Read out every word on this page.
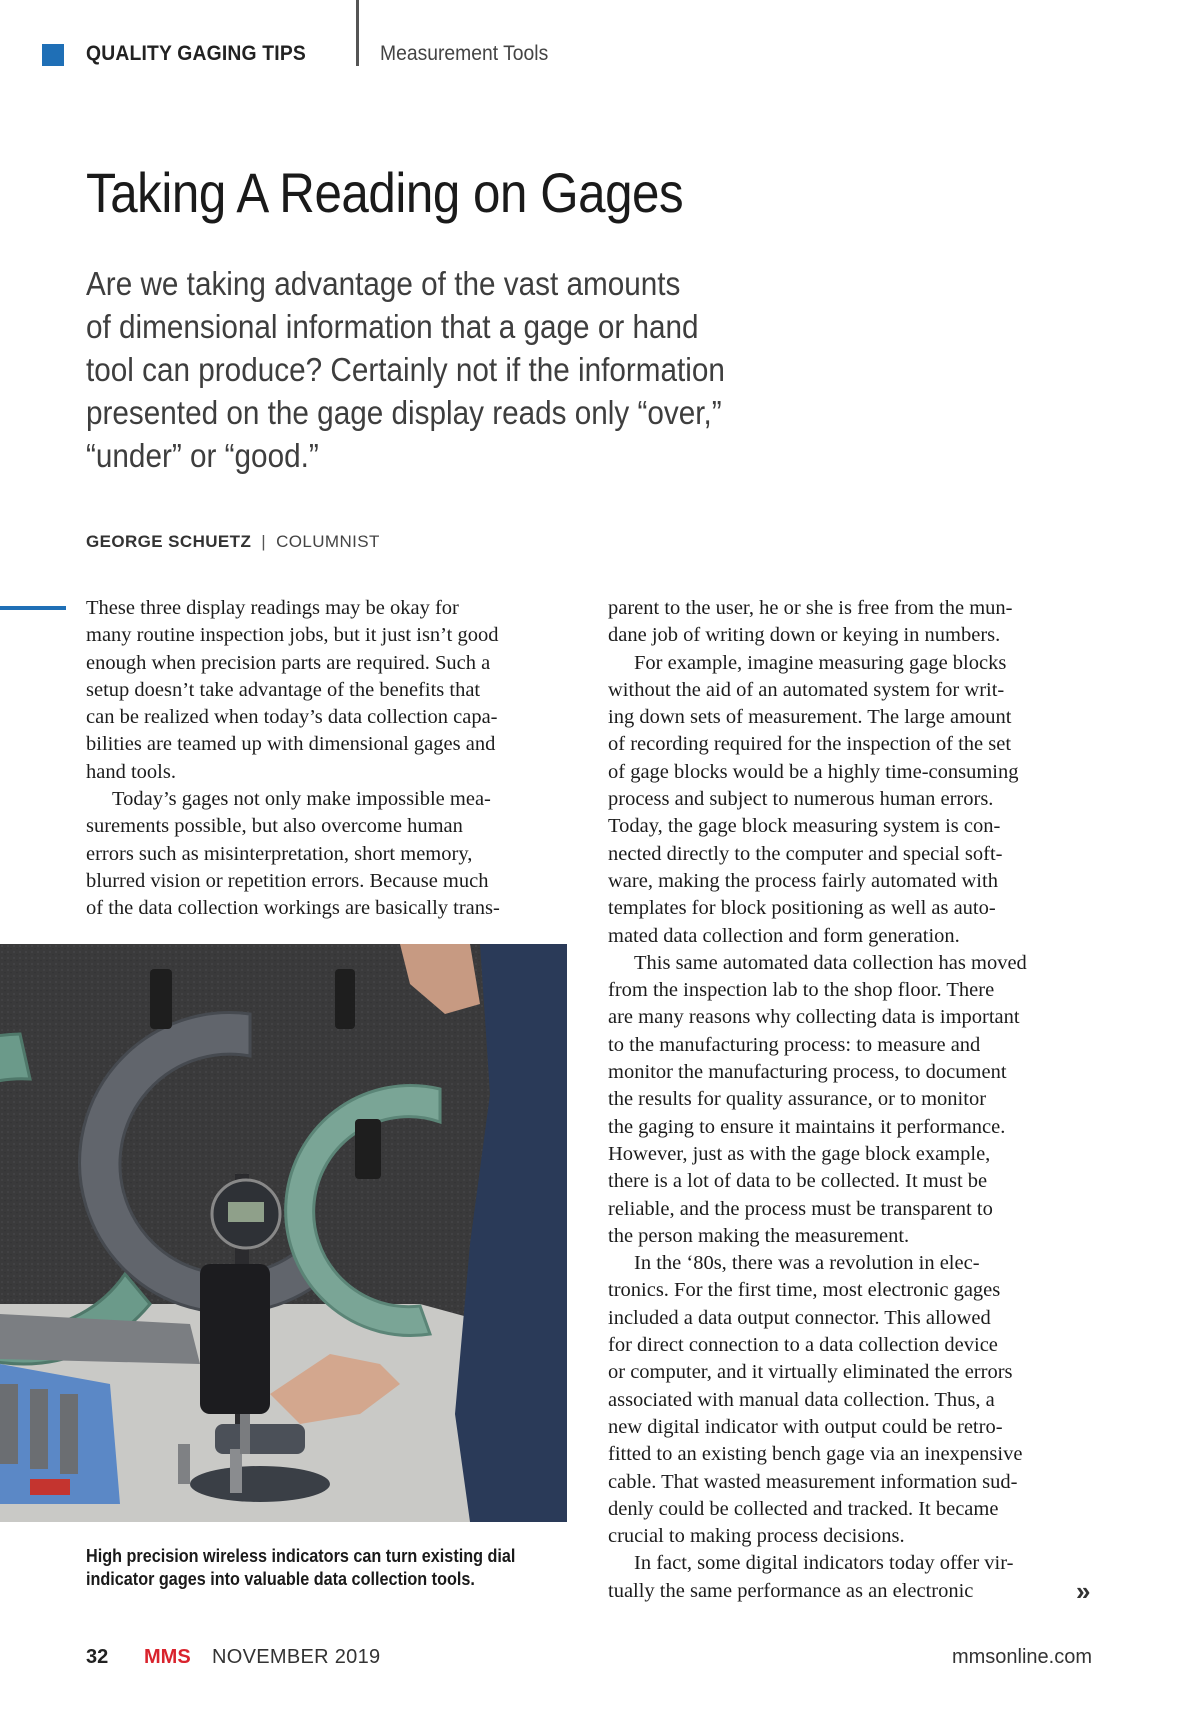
QUALITY GAGING TIPS	Measurement Tools
Taking A Reading on Gages
Are we taking advantage of the vast amounts
of dimensional information that a gage or hand
tool can produce? Certainly not if the information
presented on the gage display reads only “over,”
“under” or “good.”
GEORGE SCHUETZ | COLUMNIST
These three display readings may be okay for
many routine inspection jobs, but it just isn’t good
enough when precision parts are required. Such a
setup doesn’t take advantage of the benefits that
can be realized when today’s data collection capa-
bilities are teamed up with dimensional gages and
hand tools.
Today’s gages not only make impossible mea-
surements possible, but also overcome human
errors such as misinterpretation, short memory,
blurred vision or repetition errors. Because much
of the data collection workings are basically trans-
parent to the user, he or she is free from the mun-
dane job of writing down or keying in numbers.
For example, imagine measuring gage blocks
without the aid of an automated system for writ-
ing down sets of measurement. The large amount
of recording required for the inspection of the set
of gage blocks would be a highly time-consuming
process and subject to numerous human errors.
Today, the gage block measuring system is con-
nected directly to the computer and special soft-
ware, making the process fairly automated with
templates for block positioning as well as auto-
mated data collection and form generation.
This same automated data collection has moved
from the inspection lab to the shop floor. There
are many reasons why collecting data is important
to the manufacturing process: to measure and
monitor the manufacturing process, to document
the results for quality assurance, or to monitor
the gaging to ensure it maintains it performance.
However, just as with the gage block example,
there is a lot of data to be collected. It must be
reliable, and the process must be transparent to
the person making the measurement.
In the ‘80s, there was a revolution in elec-
tronics. For the first time, most electronic gages
included a data output connector. This allowed
for direct connection to a data collection device
or computer, and it virtually eliminated the errors
associated with manual data collection. Thus, a
new digital indicator with output could be retro-
fitted to an existing bench gage via an inexpensive
cable. That wasted measurement information sud-
denly could be collected and tracked. It became
crucial to making process decisions.
In fact, some digital indicators today offer vir-
tually the same performance as an electronic
High precision wireless indicators can turn existing dial
indicator gages into valuable data collection tools.	»
32 MMS NOVEMBER 2019	mmsonline.com
